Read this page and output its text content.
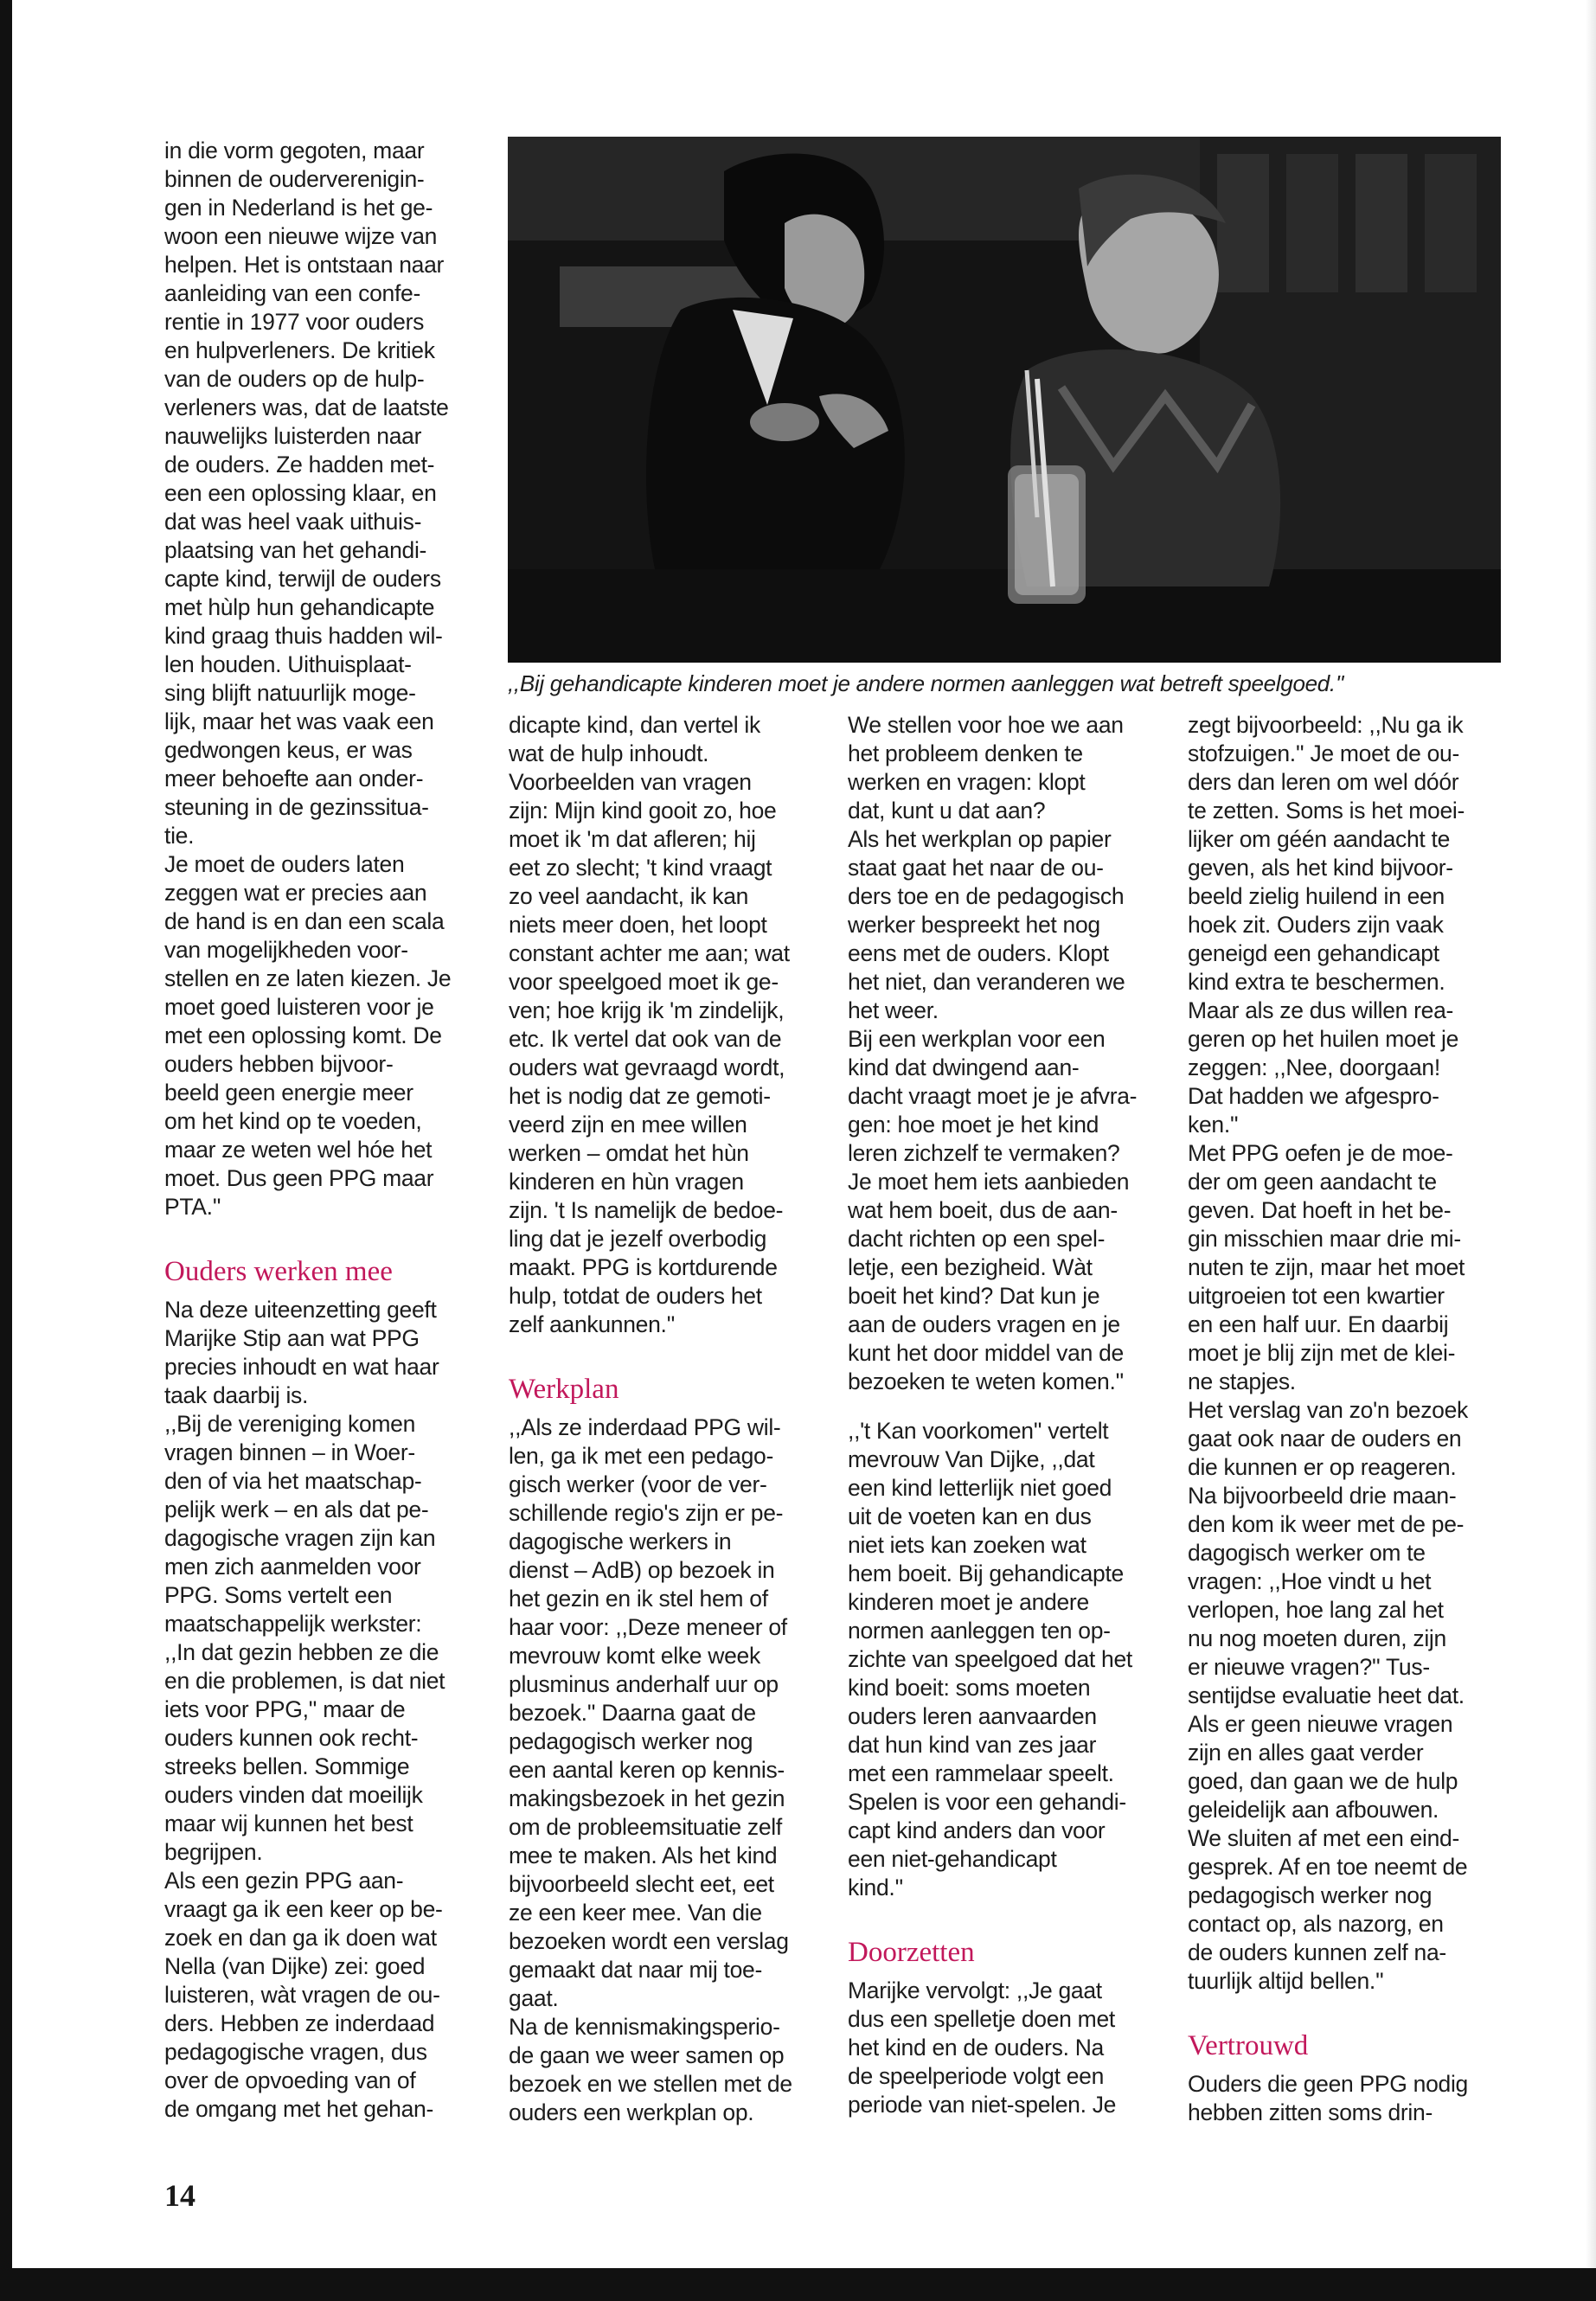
in die vorm gegoten, maar
binnen de ouderverenigin-
gen in Nederland is het ge-
woon een nieuwe wijze van
helpen. Het is ontstaan naar
aanleiding van een confe-
rentie in 1977 voor ouders
en hulpverleners. De kritiek
van de ouders op de hulp-
verleners was, dat de laatste
nauwelijks luisterden naar
de ouders. Ze hadden met-
een een oplossing klaar, en
dat was heel vaak uithuis-
plaatsing van het gehandi-
capte kind, terwijl de ouders
met hùlp hun gehandicapte
kind graag thuis hadden wil-
len houden. Uithuisplaat-
sing blijft natuurlijk moge-
lijk, maar het was vaak een
gedwongen keus, er was
meer behoefte aan onder-
steuning in de gezinssitua-
tie.

Je moet de ouders laten
zeggen wat er precies aan
de hand is en dan een scala
van mogelijkheden voor-
stellen en ze laten kiezen. Je
moet goed luisteren voor je
met een oplossing komt. De
ouders hebben bijvoor-
beeld geen energie meer
om het kind op te voeden,
maar ze weten wel hóe het
moet. Dus geen PPG maar
PTA.''

Ouders werken mee

Na deze uiteenzetting geeft
Marijke Stip aan wat PPG
precies inhoudt en wat haar
taak daarbij is.

,,Bij de vereniging komen
vragen binnen – in Woer-
den of via het maatschap-
pelijk werk – en als dat pe-
dagogische vragen zijn kan
men zich aanmelden voor
PPG. Soms vertelt een
maatschappelijk werkster:
,,In dat gezin hebben ze die
en die problemen, is dat niet
iets voor PPG,'' maar de
ouders kunnen ook recht-
streeks bellen. Sommige
ouders vinden dat moeilijk
maar wij kunnen het best
begrijpen.

Als een gezin PPG aan-
vraagt ga ik een keer op be-
zoek en dan ga ik doen wat
Nella (van Dijke) zei: goed
luisteren, wàt vragen de ou-
ders. Hebben ze inderdaad
pedagogische vragen, dus
over de opvoeding van of
de omgang met het gehan-

,,Bij gehandicapte kinderen moet je andere normen aanleggen wat betreft speelgoed.''

dicapte kind, dan vertel ik
wat de hulp inhoudt.
Voorbeelden van vragen
zijn: Mijn kind gooit zo, hoe
moet ik 'm dat afleren; hij
eet zo slecht; 't kind vraagt
zo veel aandacht, ik kan
niets meer doen, het loopt
constant achter me aan; wat
voor speelgoed moet ik ge-
ven; hoe krijg ik 'm zindelijk,
etc. Ik vertel dat ook van de
ouders wat gevraagd wordt,
het is nodig dat ze gemoti-
veerd zijn en mee willen
werken – omdat het hùn
kinderen en hùn vragen
zijn. 't Is namelijk de bedoe-
ling dat je jezelf overbodig
maakt. PPG is kortdurende
hulp, totdat de ouders het
zelf aankunnen.''

Werkplan

,,Als ze inderdaad PPG wil-
len, ga ik met een pedago-
gisch werker (voor de ver-
schillende regio's zijn er pe-
dagogische werkers in
dienst – AdB) op bezoek in
het gezin en ik stel hem of
haar voor: ,,Deze meneer of
mevrouw komt elke week
plusminus anderhalf uur op
bezoek.'' Daarna gaat de
pedagogisch werker nog
een aantal keren op kennis-
makingsbezoek in het gezin
om de probleemsituatie zelf
mee te maken. Als het kind
bijvoorbeeld slecht eet, eet
ze een keer mee. Van die
bezoeken wordt een verslag
gemaakt dat naar mij toe-
gaat.

Na de kennismakingsperio-
de gaan we weer samen op
bezoek en we stellen met de
ouders een werkplan op.

We stellen voor hoe we aan
het probleem denken te
werken en vragen: klopt
dat, kunt u dat aan?

Als het werkplan op papier
staat gaat het naar de ou-
ders toe en de pedagogisch
werker bespreekt het nog
eens met de ouders. Klopt
het niet, dan veranderen we
het weer.

Bij een werkplan voor een
kind dat dwingend aan-
dacht vraagt moet je je afvra-
gen: hoe moet je het kind
leren zichzelf te vermaken?
Je moet hem iets aanbieden
wat hem boeit, dus de aan-
dacht richten op een spel-
letje, een bezigheid. Wàt
boeit het kind? Dat kun je
aan de ouders vragen en je
kunt het door middel van de
bezoeken te weten komen.''

,,'t Kan voorkomen'' vertelt
mevrouw Van Dijke, ,,dat
een kind letterlijk niet goed
uit de voeten kan en dus
niet iets kan zoeken wat
hem boeit. Bij gehandicapte
kinderen moet je andere
normen aanleggen ten op-
zichte van speelgoed dat het
kind boeit: soms moeten
ouders leren aanvaarden
dat hun kind van zes jaar
met een rammelaar speelt.
Spelen is voor een gehandi-
capt kind anders dan voor
een niet-gehandicapt
kind.''

Doorzetten

Marijke vervolgt: ,,Je gaat
dus een spelletje doen met
het kind en de ouders. Na
de speelperiode volgt een
periode van niet-spelen. Je

zegt bijvoorbeeld: ,,Nu ga ik
stofzuigen.'' Je moet de ou-
ders dan leren om wel dóór
te zetten. Soms is het moei-
lijker om géén aandacht te
geven, als het kind bijvoor-
beeld zielig huilend in een
hoek zit. Ouders zijn vaak
geneigd een gehandicapt
kind extra te beschermen.
Maar als ze dus willen rea-
geren op het huilen moet je
zeggen: ,,Nee, doorgaan!
Dat hadden we afgespro-
ken.''

Met PPG oefen je de moe-
der om geen aandacht te
geven. Dat hoeft in het be-
gin misschien maar drie mi-
nuten te zijn, maar het moet
uitgroeien tot een kwartier
en een half uur. En daarbij
moet je blij zijn met de klei-
ne stapjes.

Het verslag van zo'n bezoek
gaat ook naar de ouders en
die kunnen er op reageren.
Na bijvoorbeeld drie maan-
den kom ik weer met de pe-
dagogisch werker om te
vragen: ,,Hoe vindt u het
verlopen, hoe lang zal het
nu nog moeten duren, zijn
er nieuwe vragen?'' Tus-
sentijdse evaluatie heet dat.
Als er geen nieuwe vragen
zijn en alles gaat verder
goed, dan gaan we de hulp
geleidelijk aan afbouwen.
We sluiten af met een eind-
gesprek. Af en toe neemt de
pedagogisch werker nog
contact op, als nazorg, en
de ouders kunnen zelf na-
tuurlijk altijd bellen.''

Vertrouwd

Ouders die geen PPG nodig
hebben zitten soms drin-

14
